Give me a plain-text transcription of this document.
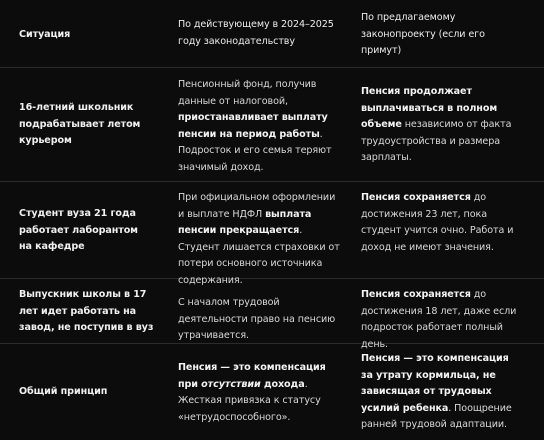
Ситуация
По действующему в 2024–2025 году законодательству
По предлагаемому законопроекту (если его примут)
16-летний школьник подрабатывает летом курьером
Пенсионный фонд, получив данные от налоговой, приостанавливает выплату пенсии на период работы. Подросток и его семья теряют значимый доход.
Пенсия продолжает выплачиваться в полном объеме независимо от факта трудоустройства и размера зарплаты.
Студент вуза 21 года работает лаборантом на кафедре
При официальном оформлении и выплате НДФЛ выплата пенсии прекращается. Студент лишается страховки от потери основного источника содержания.
Пенсия сохраняется до достижения 23 лет, пока студент учится очно. Работа и доход не имеют значения.
Выпускник школы в 17 лет идет работать на завод, не поступив в вуз
С началом трудовой деятельности право на пенсию утрачивается.
Пенсия сохраняется до достижения 18 лет, даже если подросток работает полный день.
Общий принцип
Пенсия — это компенсация при отсутствии дохода. Жесткая привязка к статусу «нетрудоспособного».
Пенсия — это компенсация за утрату кормильца, не зависящая от трудовых усилий ребенка. Поощрение ранней трудовой адаптации.
